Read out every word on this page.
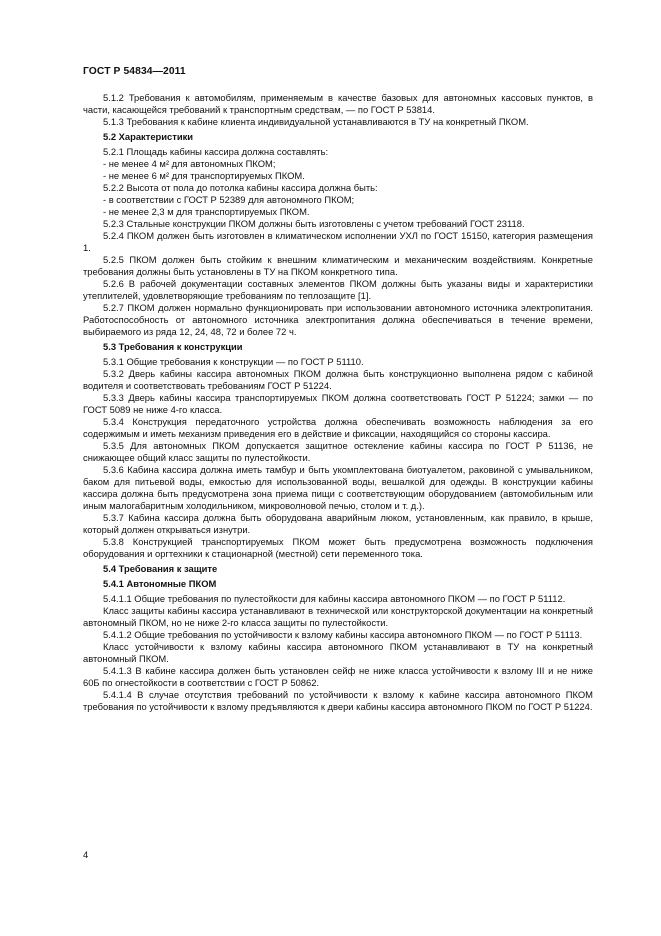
ГОСТ Р 54834—2011
5.1.2 Требования к автомобилям, применяемым в качестве базовых для автономных кассовых пунктов, в части, касающейся требований к транспортным средствам, — по ГОСТ Р 53814.
5.1.3 Требования к кабине клиента индивидуальной устанавливаются в ТУ на конкретный ПКОМ.
5.2 Характеристики
5.2.1 Площадь кабины кассира должна составлять:
- не менее 4 м² для автономных ПКОМ;
- не менее 6 м² для транспортируемых ПКОМ.
5.2.2 Высота от пола до потолка кабины кассира должна быть:
- в соответствии с ГОСТ Р 52389 для автономного ПКОМ;
- не менее 2,3 м для транспортируемых ПКОМ.
5.2.3 Стальные конструкции ПКОМ должны быть изготовлены с учетом требований ГОСТ 23118.
5.2.4 ПКОМ должен быть изготовлен в климатическом исполнении УХЛ по ГОСТ 15150, категория размещения 1.
5.2.5 ПКОМ должен быть стойким к внешним климатическим и механическим воздействиям. Конкретные требования должны быть установлены в ТУ на ПКОМ конкретного типа.
5.2.6 В рабочей документации составных элементов ПКОМ должны быть указаны виды и характеристики утеплителей, удовлетворяющие требованиям по теплозащите [1].
5.2.7 ПКОМ должен нормально функционировать при использовании автономного источника электропитания. Работоспособность от автономного источника электропитания должна обеспечиваться в течение времени, выбираемого из ряда 12, 24, 48, 72 и более 72 ч.
5.3 Требования к конструкции
5.3.1 Общие требования к конструкции — по ГОСТ Р 51110.
5.3.2 Дверь кабины кассира автономных ПКОМ должна быть конструкционно выполнена рядом с кабиной водителя и соответствовать требованиям ГОСТ Р 51224.
5.3.3 Дверь кабины кассира транспортируемых ПКОМ должна соответствовать ГОСТ Р 51224; замки — по ГОСТ 5089 не ниже 4-го класса.
5.3.4 Конструкция передаточного устройства должна обеспечивать возможность наблюдения за его содержимым и иметь механизм приведения его в действие и фиксации, находящийся со стороны кассира.
5.3.5 Для автономных ПКОМ допускается защитное остекление кабины кассира по ГОСТ Р 51136, не снижающее общий класс защиты по пулестойкости.
5.3.6 Кабина кассира должна иметь тамбур и быть укомплектована биотуалетом, раковиной с умывальником, баком для питьевой воды, емкостью для использованной воды, вешалкой для одежды. В конструкции кабины кассира должна быть предусмотрена зона приема пищи с соответствующим оборудованием (автомобильным или иным малогабаритным холодильником, микроволновой печью, столом и т. д.).
5.3.7 Кабина кассира должна быть оборудована аварийным люком, установленным, как правило, в крыше, который должен открываться изнутри.
5.3.8 Конструкцией транспортируемых ПКОМ может быть предусмотрена возможность подключения оборудования и оргтехники к стационарной (местной) сети переменного тока.
5.4 Требования к защите
5.4.1 Автономные ПКОМ
5.4.1.1 Общие требования по пулестойкости для кабины кассира автономного ПКОМ — по ГОСТ Р 51112.
Класс защиты кабины кассира устанавливают в технической или конструкторской документации на конкретный автономный ПКОМ, но не ниже 2-го класса защиты по пулестойкости.
5.4.1.2 Общие требования по устойчивости к взлому кабины кассира автономного ПКОМ — по ГОСТ Р 51113.
Класс устойчивости к взлому кабины кассира автономного ПКОМ устанавливают в ТУ на конкретный автономный ПКОМ.
5.4.1.3 В кабине кассира должен быть установлен сейф не ниже класса устойчивости к взлому III и не ниже 60Б по огнестойкости в соответствии с ГОСТ Р 50862.
5.4.1.4 В случае отсутствия требований по устойчивости к взлому к кабине кассира автономного ПКОМ требования по устойчивости к взлому предъявляются к двери кабины кассира автономного ПКОМ по ГОСТ Р 51224.
4
